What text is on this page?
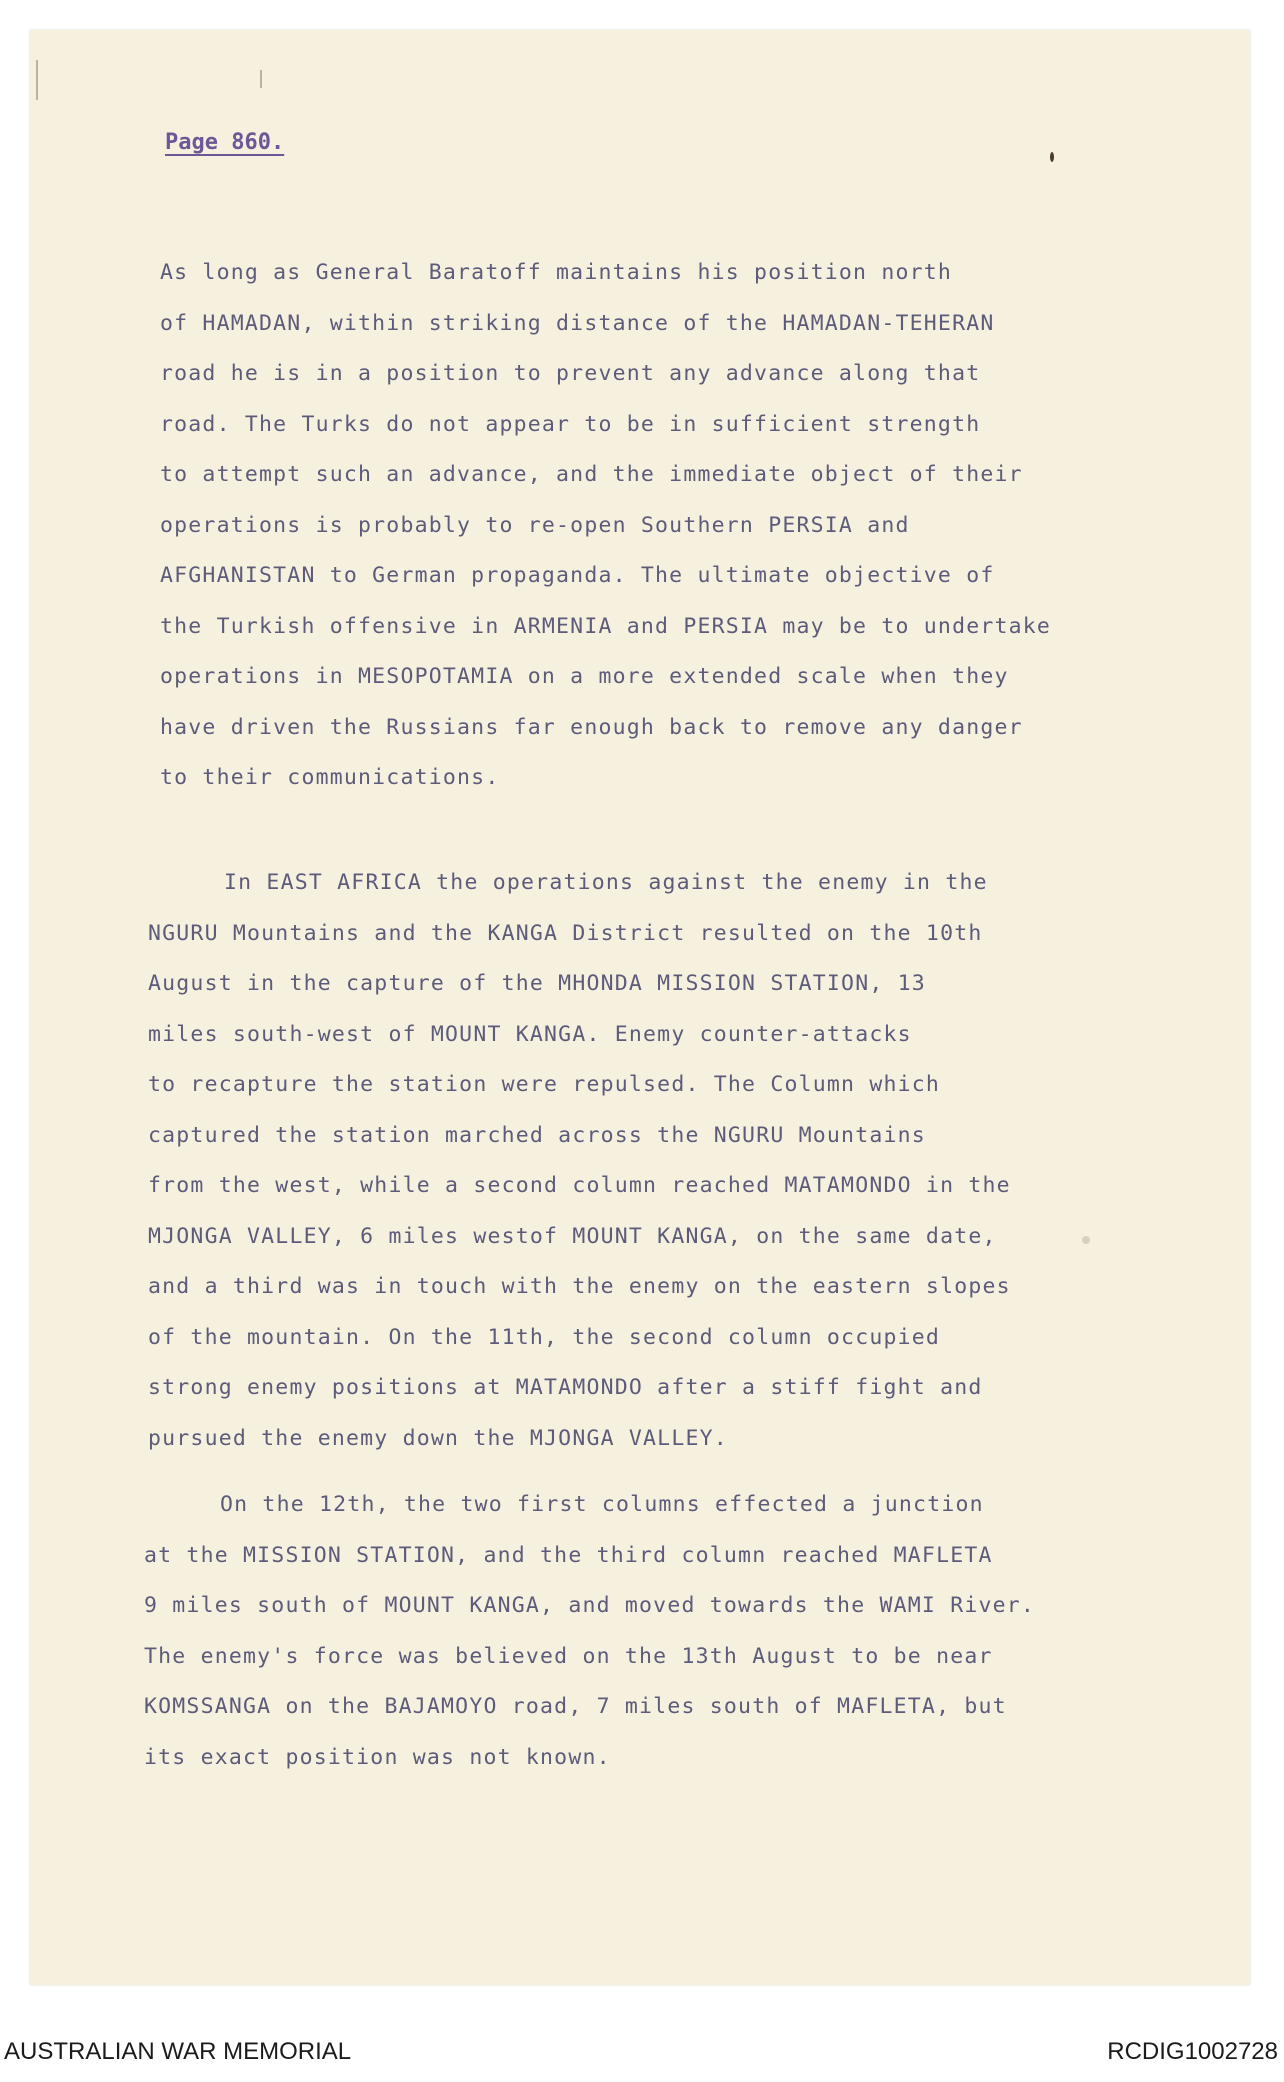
Page 860.
As long as General Baratoff maintains his position north
of HAMADAN, within striking distance of the HAMADAN-TEHERAN
road he is in a position to prevent any advance along that
road. The Turks do not appear to be in sufficient strength
to attempt such an advance, and the immediate object of their
operations is probably to re-open Southern PERSIA and
AFGHANISTAN to German propaganda. The ultimate objective of
the Turkish offensive in ARMENIA and PERSIA may be to undertake
operations in MESOPOTAMIA on a more extended scale when they
have driven the Russians far enough back to remove any danger
to their communications.
In EAST AFRICA the operations against the enemy in the
NGURU Mountains and the KANGA District resulted on the 10th
August in the capture of the MHONDA MISSION STATION, 13
miles south-west of MOUNT KANGA. Enemy counter-attacks
to recapture the station were repulsed. The Column which
captured the station marched across the NGURU Mountains
from the west, while a second column reached MATAMONDO in the
MJONGA VALLEY, 6 miles westof MOUNT KANGA, on the same date,
and a third was in touch with the enemy on the eastern slopes
of the mountain. On the 11th, the second column occupied
strong enemy positions at MATAMONDO after a stiff fight and
pursued the enemy down the MJONGA VALLEY.
On the 12th, the two first columns effected a junction
at the MISSION STATION, and the third column reached MAFLETA
9 miles south of MOUNT KANGA, and moved towards the WAMI River.
The enemy's force was believed on the 13th August to be near
KOMSSANGA on the BAJAMOYO road, 7 miles south of MAFLETA, but
its exact position was not known.
AUSTRALIAN WAR MEMORIAL	RCDIG1002728
